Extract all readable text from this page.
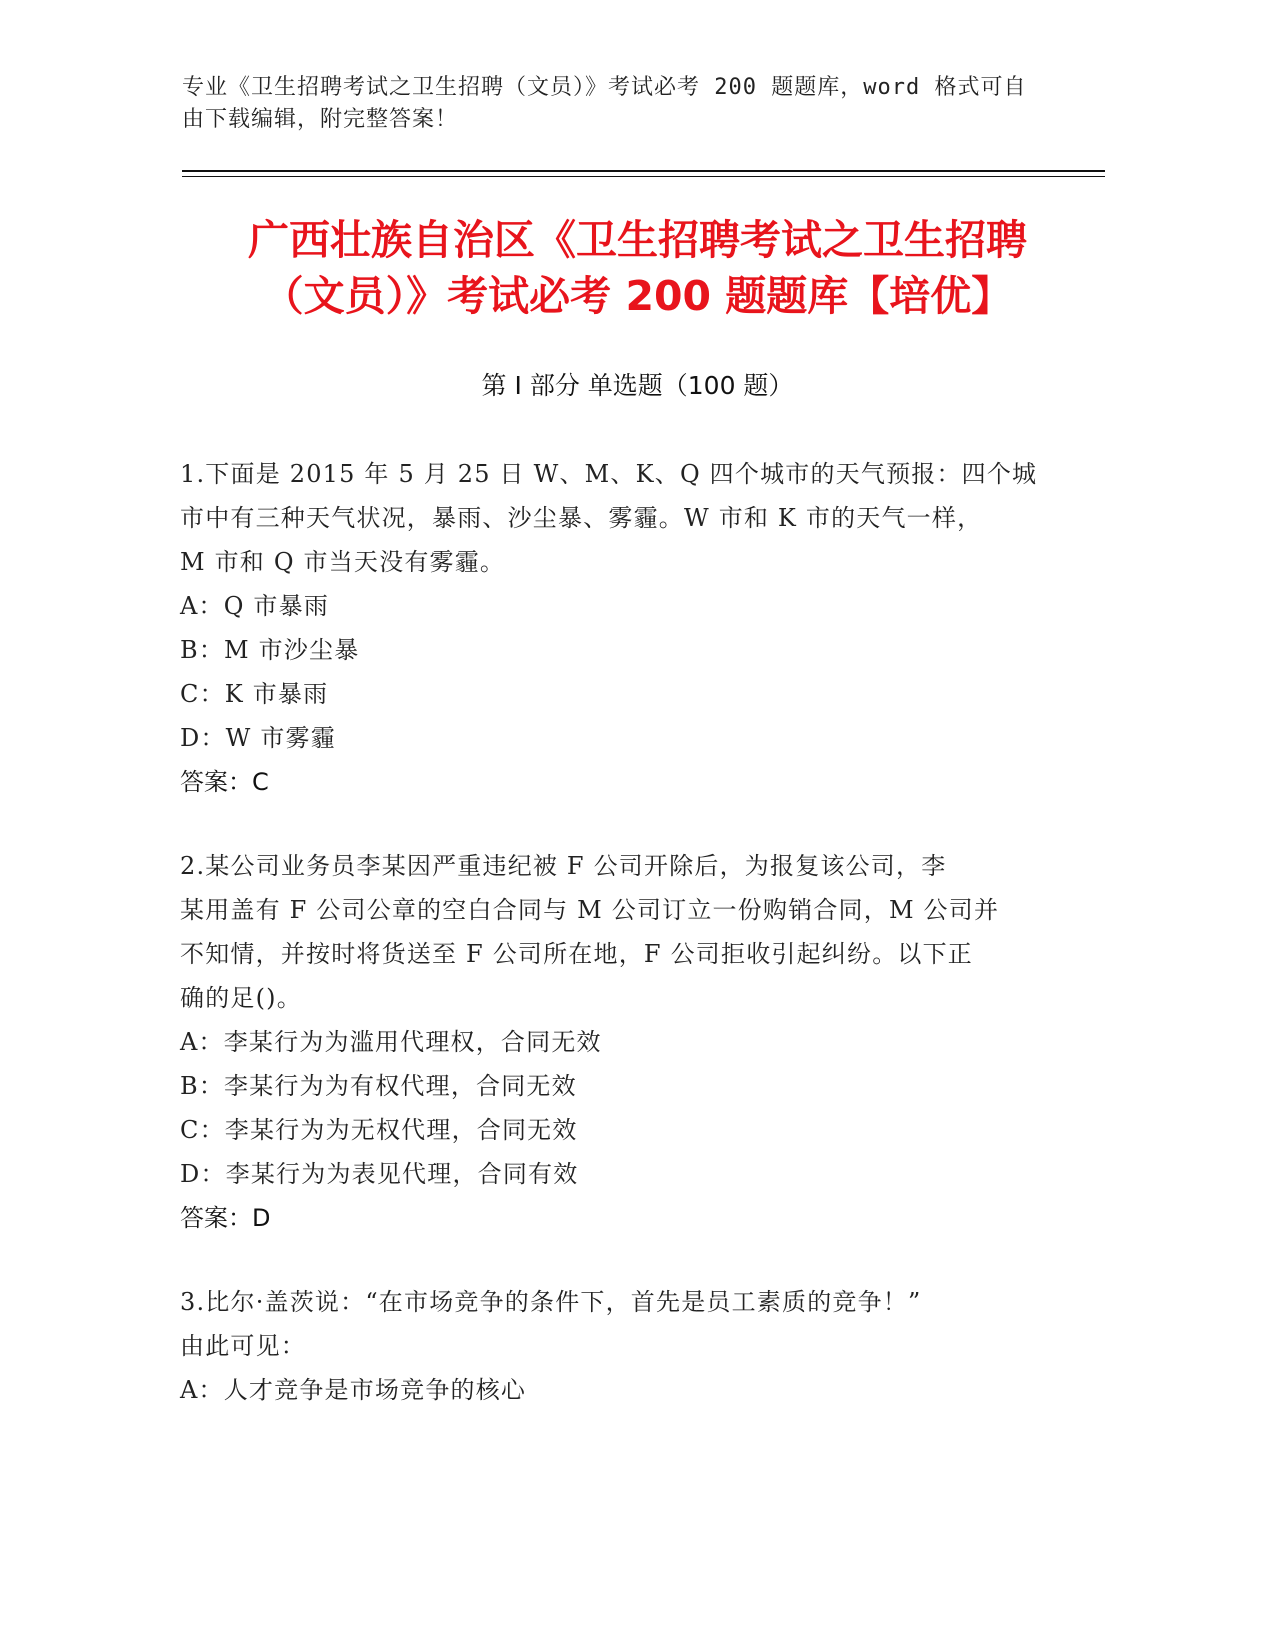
专业《卫生招聘考试之卫生招聘（文员）》考试必考 200 题题库，word 格式可自
由下载编辑，附完整答案！
广西壮族自治区《卫生招聘考试之卫生招聘
（文员）》考试必考 200 题题库【培优】
第 I 部分 单选题（100 题）
1.下面是 2015 年 5 月 25 日 W、M、K、Q 四个城市的天气预报：四个城
市中有三种天气状况，暴雨、沙尘暴、雾霾。W 市和 K 市的天气一样，
M 市和 Q 市当天没有雾霾。
A：Q 市暴雨
B：M 市沙尘暴
C：K 市暴雨
D：W 市雾霾
答案：C
2.某公司业务员李某因严重违纪被 F 公司开除后，为报复该公司，李
某用盖有 F 公司公章的空白合同与 M 公司订立一份购销合同，M 公司并
不知情，并按时将货送至 F 公司所在地，F 公司拒收引起纠纷。以下正
确的足()。
A：李某行为为滥用代理权，合同无效
B：李某行为为有权代理，合同无效
C：李某行为为无权代理，合同无效
D：李某行为为表见代理，合同有效
答案：D
3.比尔·盖茨说：“在市场竞争的条件下，首先是员工素质的竞争！”
由此可见：
A：人才竞争是市场竞争的核心
